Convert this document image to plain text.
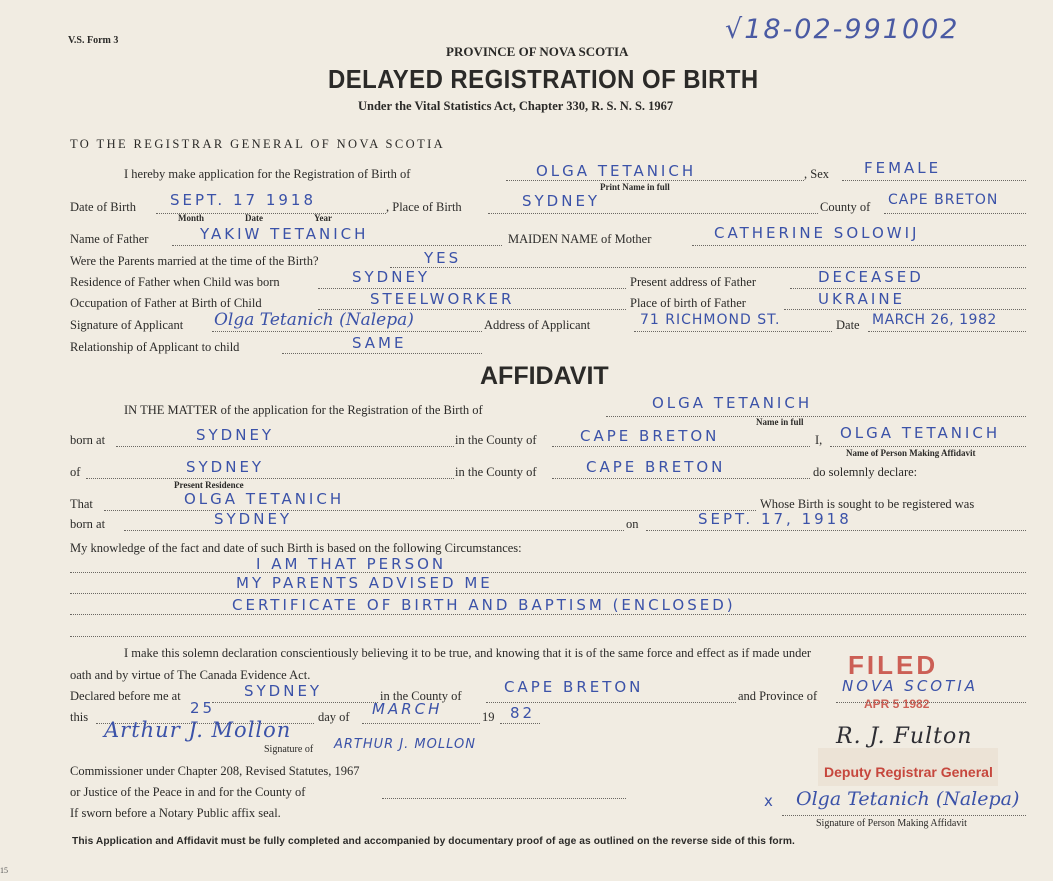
V.S. Form 3	√18-02-991002
PROVINCE OF NOVA SCOTIA
DELAYED REGISTRATION OF BIRTH
Under the Vital Statistics Act, Chapter 330, R. S. N. S. 1967
TO THE REGISTRAR GENERAL OF NOVA SCOTIA
I hereby make application for the Registration of Birth of	OLGA TETANICH
Print Name in full
, Sex FEMALE
Date of Birth SEPT. 17 1918
Month	Date	Year
, Place of Birth	SYDNEY	County of CAPE BRETON
Name of Father	YAKIW TETANICH	MAIDEN NAME of Mother	CATHERINE SOLOWIJ
Were the Parents married at the time of the Birth?	YES
Residence of Father when Child was born	SYDNEY	Present address of Father	DECEASED
Occupation of Father at Birth of Child	STEELWORKER	Place of birth of Father	UKRAINE
Signature of Applicant Olga Tetanich (Nalepa)	Address of Applicant	71 RICHMOND ST.	Date MARCH 26, 1982
Relationship of Applicant to child	SAME
AFFIDAVIT
IN THE MATTER of the application for the Registration of the Birth of	OLGA TETANICH
Name in full
born at	SYDNEY	in the County of	CAPE BRETON	I, OLGA TETANICH
Name of Person Making Affidavit
of	SYDNEY
Present Residence
in the County of	CAPE BRETON	do solemnly declare:
That	OLGA TETANICH	Whose Birth is sought to be registered was
born at	SYDNEY	on	SEPT. 17, 1918
My knowledge of the fact and date of such Birth is based on the following Circumstances:
I AM THAT PERSON
MY PARENTS ADVISED ME
CERTIFICATE OF BIRTH AND BAPTISM (ENCLOSED)
I make this solemn declaration conscientiously believing it to be true, and knowing that it is of the same force and effect as if made under
oath and by virtue of The Canada Evidence Act.	FILED
APR 5 1982
Declared before me at	SYDNEY	in the County of	CAPE BRETON	and Province of
NOVA SCOTIA
this	25	day of MARCH	19 82
Arthur J. Mollon
Signature of ARTHUR J. MOLLON
Commissioner under Chapter 208, Revised Statutes, 1967
or Justice of the Peace in and for the County of
If sworn before a Notary Public affix seal.
R. J. Fulton
Deputy Registrar General
x Olga Tetanich (Nalepa)
Signature of Person Making Affidavit
This Application and Affidavit must be fully completed and accompanied by documentary proof of age as outlined on the reverse side of this form.
15
